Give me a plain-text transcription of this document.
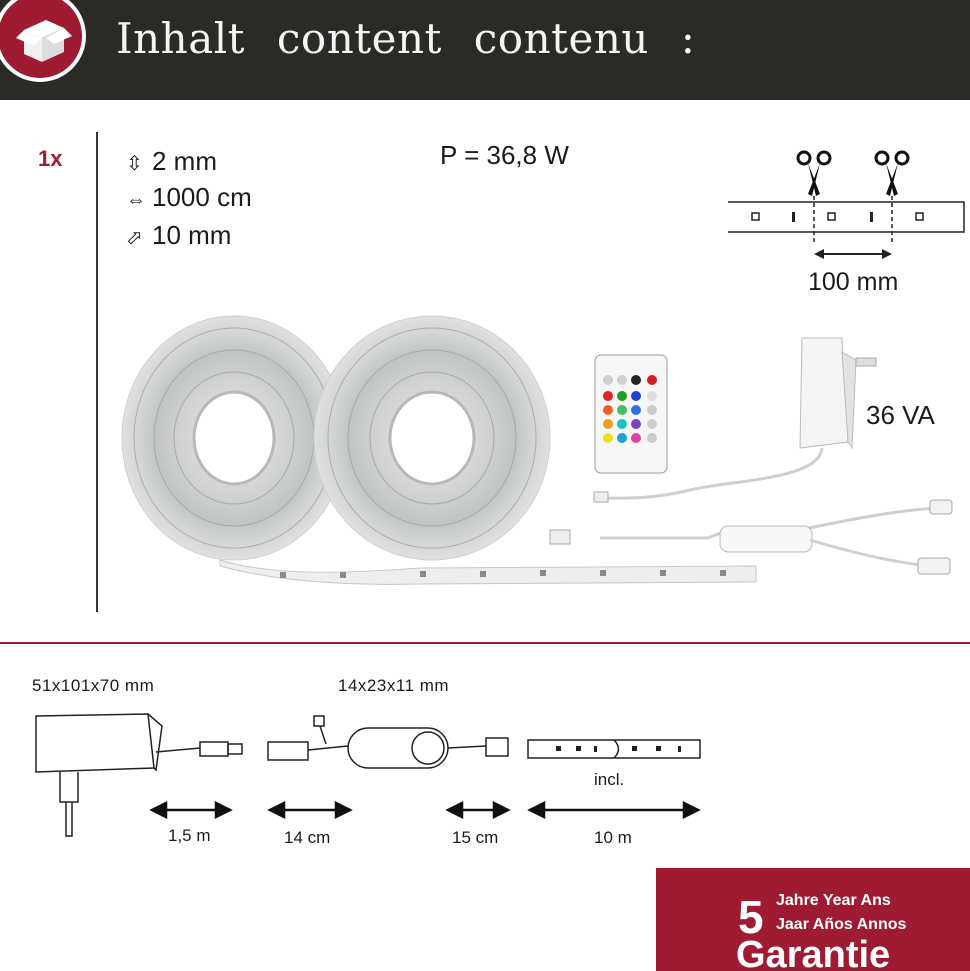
Inhalt content contenu :
1x	⇳ 2 mm
⇔ 1000 cm
⬀ 10 mm
P = 36,8 W
100 mm
36 VA
51x101x70 mm	14x23x11 mm
incl.
1,5 m	14 cm	15 cm	10 m
5 Jahre Year Ans
Jaar Años Annos
Garantie
